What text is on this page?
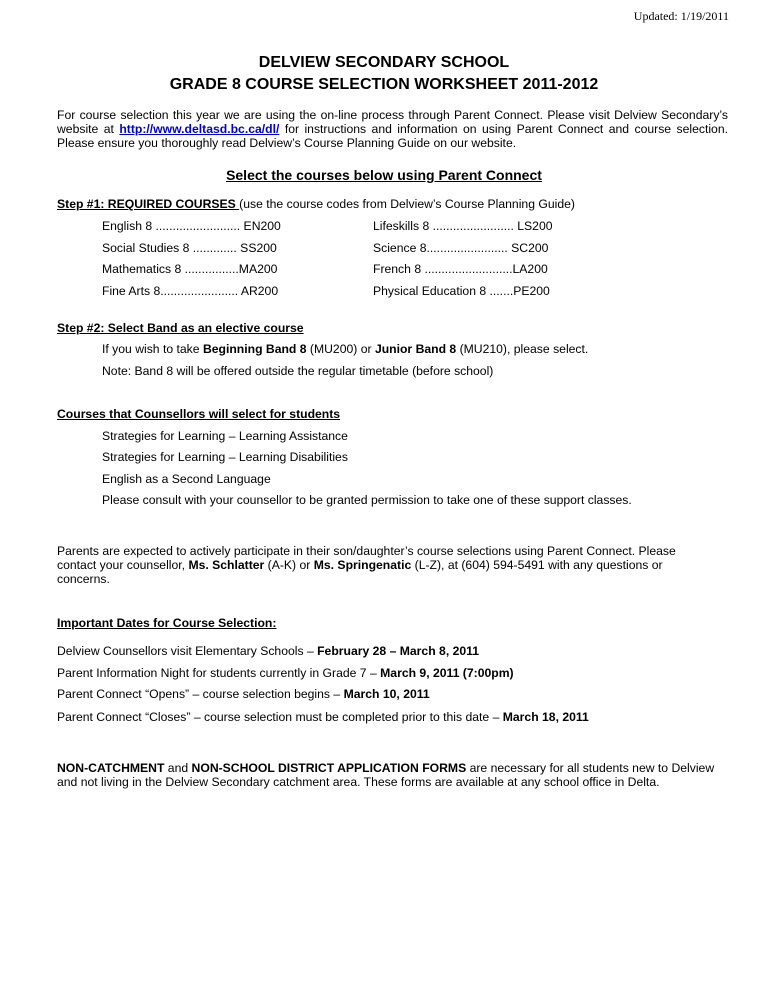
Updated: 1/19/2011
DELVIEW SECONDARY SCHOOL
GRADE 8 COURSE SELECTION WORKSHEET 2011-2012
For course selection this year we are using the on-line process through Parent Connect. Please visit Delview Secondary’s website at http://www.deltasd.bc.ca/dl/ for instructions and information on using Parent Connect and course selection. Please ensure you thoroughly read Delview’s Course Planning Guide on our website.
Select the courses below using Parent Connect
Step #1: REQUIRED COURSES (use the course codes from Delview’s Course Planning Guide)
English 8 ......................... EN200	Lifeskills 8 ........................ LS200
Social Studies 8 ............. SS200	Science 8........................ SC200
Mathematics 8 ................MA200	French 8 ..........................LA200
Fine Arts 8....................... AR200	Physical Education 8 .......PE200
Step #2: Select Band as an elective course
If you wish to take Beginning Band 8 (MU200) or Junior Band 8 (MU210), please select.
Note: Band 8 will be offered outside the regular timetable (before school)
Courses that Counsellors will select for students
Strategies for Learning – Learning Assistance
Strategies for Learning – Learning Disabilities
English as a Second Language
Please consult with your counsellor to be granted permission to take one of these support classes.
Parents are expected to actively participate in their son/daughter’s course selections using Parent Connect. Please contact your counsellor, Ms. Schlatter (A-K) or Ms. Springenatic (L-Z), at (604) 594-5491 with any questions or concerns.
Important Dates for Course Selection:
Delview Counsellors visit Elementary Schools – February 28 – March 8, 2011
Parent Information Night for students currently in Grade 7 – March 9, 2011 (7:00pm)
Parent Connect “Opens” – course selection begins – March 10, 2011
Parent Connect “Closes” – course selection must be completed prior to this date – March 18, 2011
NON-CATCHMENT and NON-SCHOOL DISTRICT APPLICATION FORMS are necessary for all students new to Delview and not living in the Delview Secondary catchment area. These forms are available at any school office in Delta.
